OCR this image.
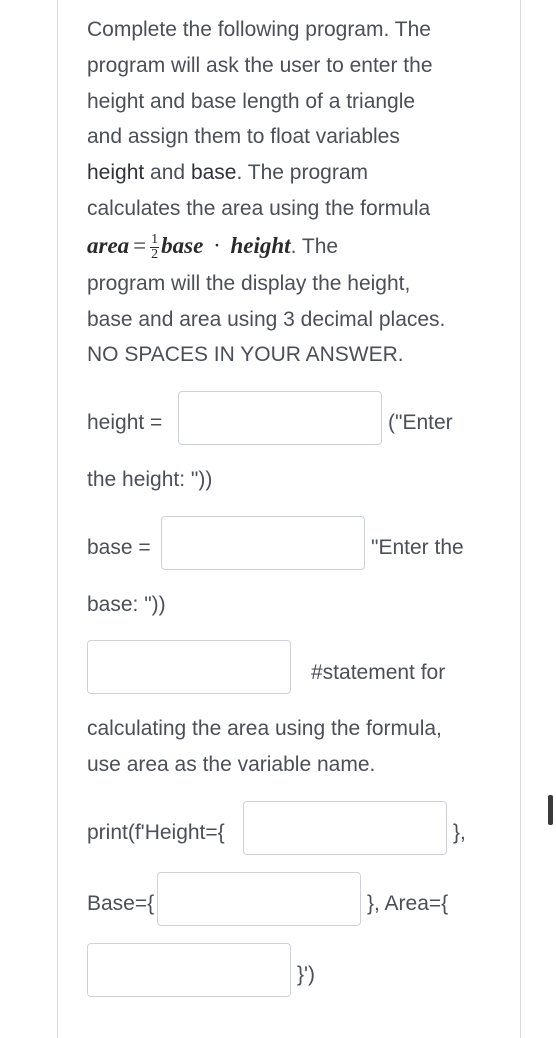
Complete the following program. The
program will ask the user to enter the
height and base length of a triangle
and assign them to float variables
height and base. The program
calculates the area using the formula
area = $\frac{1}{2}$ base · height. The
program will the display the height,
base and area using 3 decimal places.
NO SPACES IN YOUR ANSWER.
height =	("Enter
the height: "))
base =	"Enter the
base: "))
#statement for
calculating the area using the formula,
use area as the variable name.
print(f'Height={	},
Base={	}, Area={
}')
